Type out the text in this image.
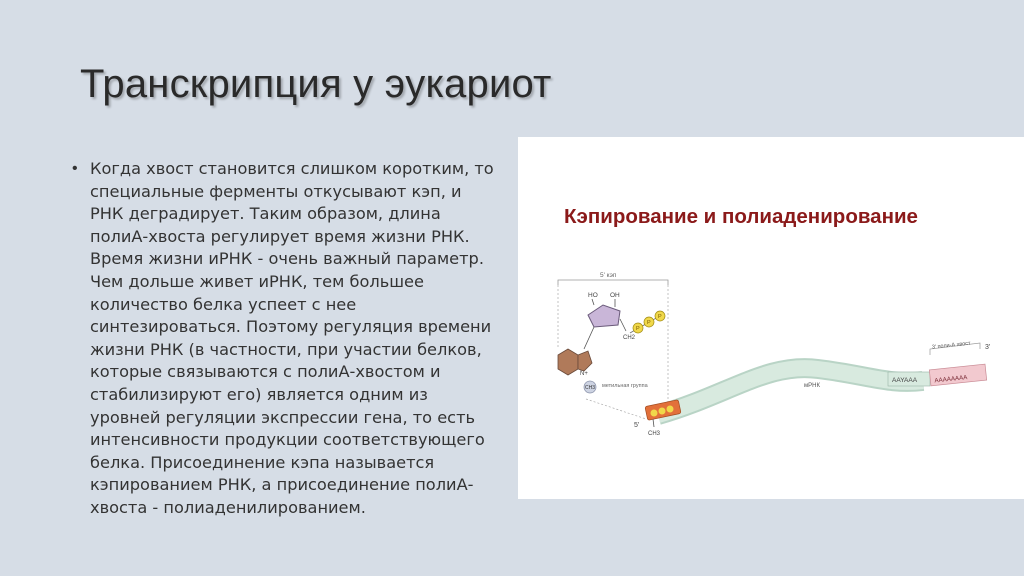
Транскрипция у эукариот
• Когда хвост становится слишком коротким, то специальные ферменты откусывают кэп, и РНК деградирует. Таким образом, длина полиА-хвоста регулирует время жизни РНК. Время жизни иРНК - очень важный параметр. Чем дольше живет иРНК, тем большее количество белка успеет с нее синтезироваться. Поэтому регуляция времени жизни РНК (в частности, при участии белков, которые связываются с полиА-хвостом и стабилизируют его) является одним из уровней регуляции экспрессии гена, то есть интенсивности продукции соответствующего белка. Присоединение кэпа называется кэпированием РНК, а присоединение полиА-хвоста - полиаденилированием.
Кэпирование и полиаденирование
5' кэп
HO OH
CH2
P
P
P
N+
CH3 метильная группа	мРНК
AAYAAA	AAAAAAAA
3' поли-А хвост 3'
5'
CH3
